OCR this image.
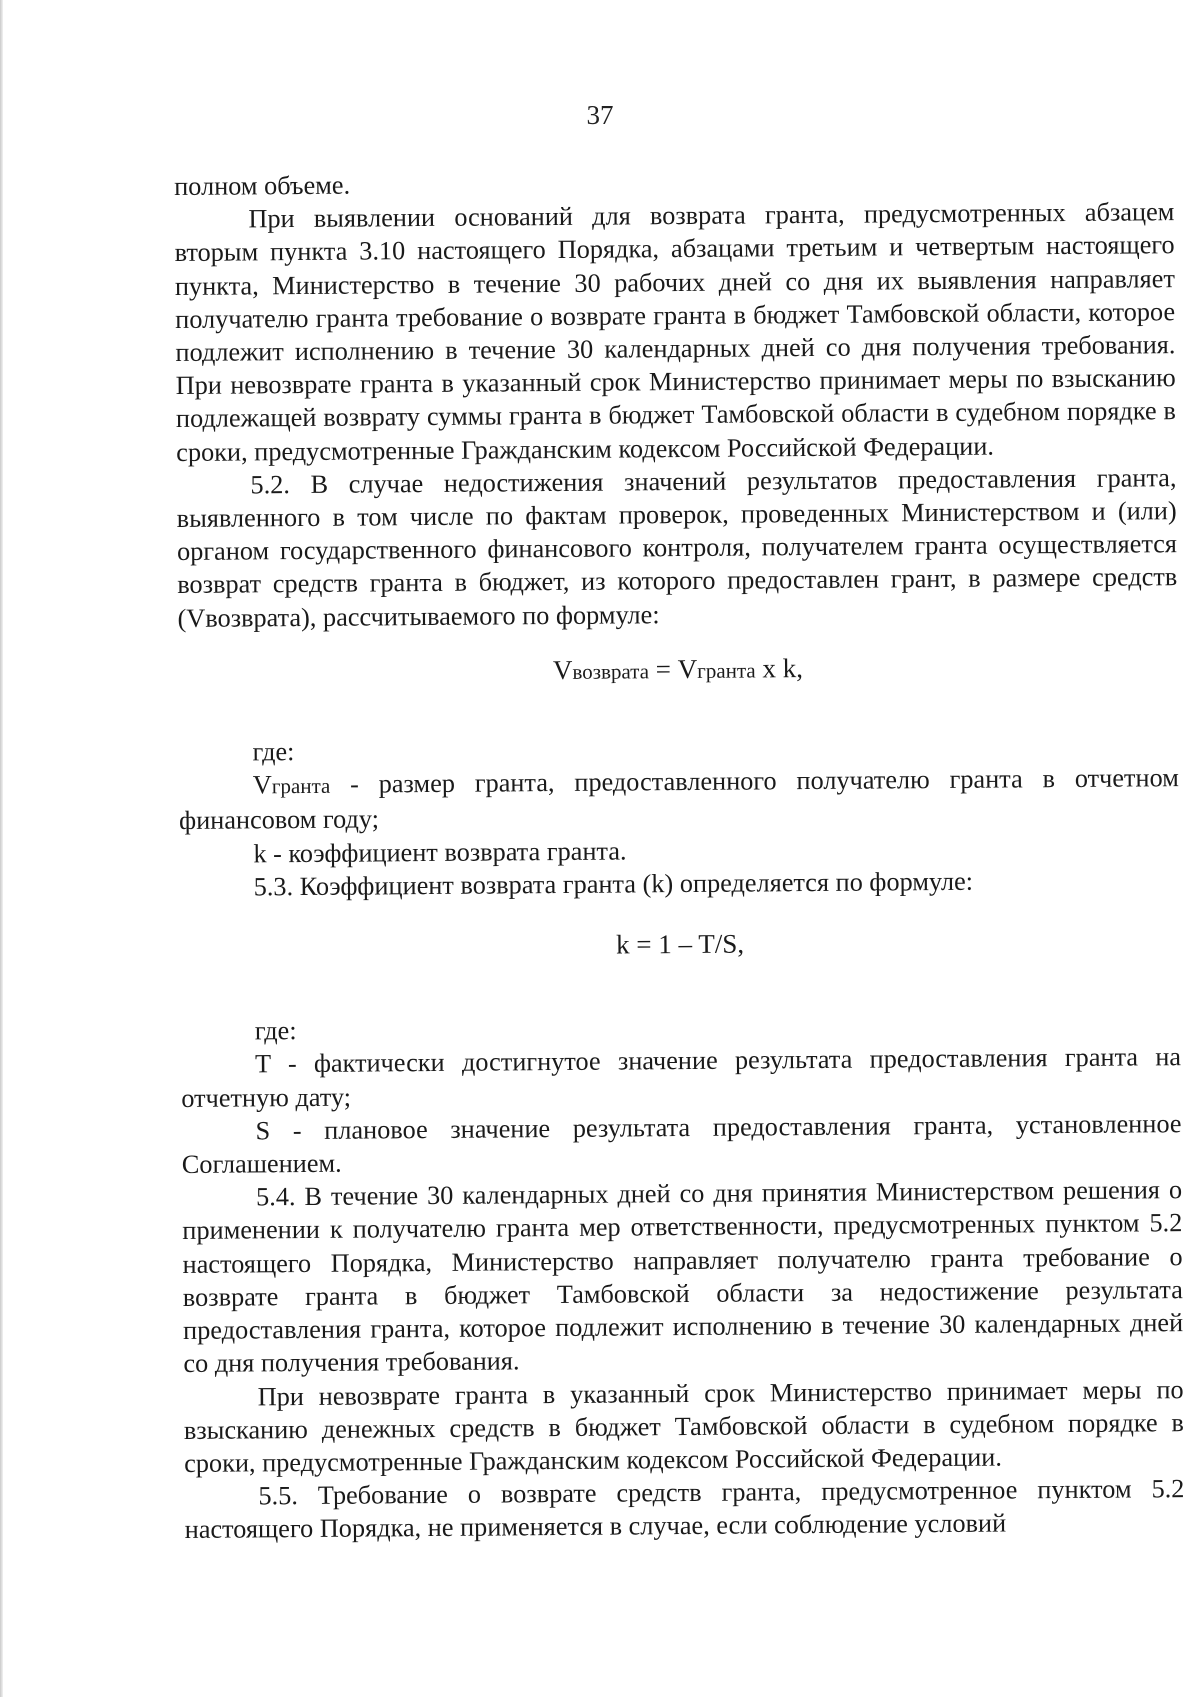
37

полном объеме.

При выявлении оснований для возврата гранта, предусмотренных абзацем вторым пункта 3.10 настоящего Порядка, абзацами третьим и четвертым настоящего пункта, Министерство в течение 30 рабочих дней со дня их выявления направляет получателю гранта требование о возврате гранта в бюджет Тамбовской области, которое подлежит исполнению в течение 30 календарных дней со дня получения требования. При невозврате гранта в указанный срок Министерство принимает меры по взысканию подлежащей возврату суммы гранта в бюджет Тамбовской области в судебном порядке в сроки, предусмотренные Гражданским кодексом Российской Федерации.

5.2. В случае недостижения значений результатов предоставления гранта, выявленного в том числе по фактам проверок, проведенных Министерством и (или) органом государственного финансового контроля, получателем гранта осуществляется возврат средств гранта в бюджет, из которого предоставлен грант, в размере средств (Vвозврата), рассчитываемого по формуле:

Vвозврата = Vгранта x k,

где:

Vгранта - размер гранта, предоставленного получателю гранта в отчетном финансовом году;

k - коэффициент возврата гранта.

5.3. Коэффициент возврата гранта (k) определяется по формуле:

k = 1 – T/S,

где:

T - фактически достигнутое значение результата предоставления гранта на отчетную дату;

S - плановое значение результата предоставления гранта, установленное Соглашением.

5.4. В течение 30 календарных дней со дня принятия Министерством решения о применении к получателю гранта мер ответственности, предусмотренных пунктом 5.2 настоящего Порядка, Министерство направляет получателю гранта требование о возврате гранта в бюджет Тамбовской области за недостижение результата предоставления гранта, которое подлежит исполнению в течение 30 календарных дней со дня получения требования.

При невозврате гранта в указанный срок Министерство принимает меры по взысканию денежных средств в бюджет Тамбовской области в судебном порядке в сроки, предусмотренные Гражданским кодексом Российской Федерации.

5.5. Требование о возврате средств гранта, предусмотренное пунктом 5.2 настоящего Порядка, не применяется в случае, если соблюдение условий
